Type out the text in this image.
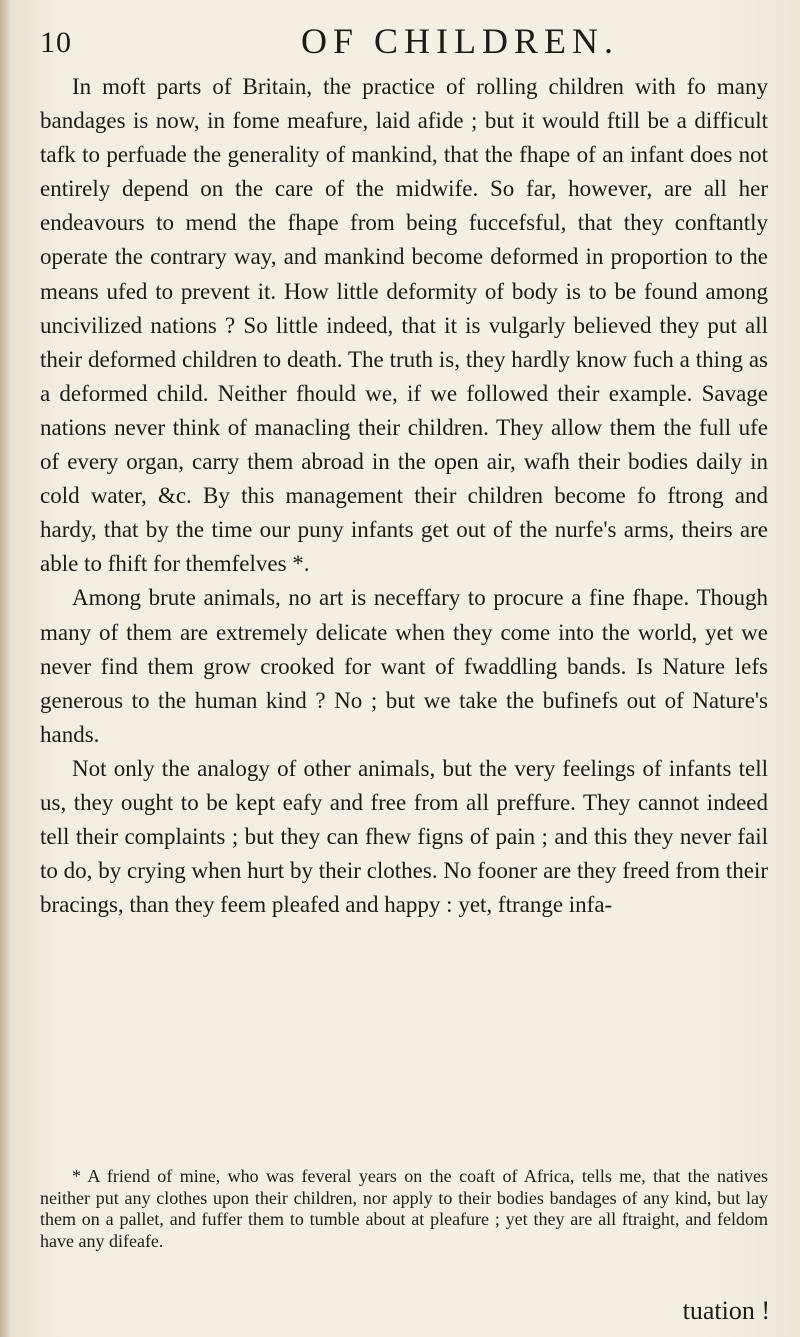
10	OF CHILDREN.

In moft parts of Britain, the practice of rolling children with fo many bandages is now, in fome meafure, laid afide ; but it would ftill be a difficult tafk to perfuade the generality of mankind, that the fhape of an infant does not entirely depend on the care of the midwife. So far, however, are all her endeavours to mend the fhape from being fuccefsful, that they conftantly operate the contrary way, and mankind become deformed in proportion to the means ufed to prevent it. How little deformity of body is to be found among uncivilized nations ? So little indeed, that it is vulgarly believed they put all their deformed children to death. The truth is, they hardly know fuch a thing as a deformed child. Neither fhould we, if we followed their example. Savage nations never think of manacling their children. They allow them the full ufe of every organ, carry them abroad in the open air, wafh their bodies daily in cold water, &c. By this management their children become fo ftrong and hardy, that by the time our puny infants get out of the nurfe's arms, theirs are able to fhift for themfelves *.

Among brute animals, no art is neceffary to procure a fine fhape. Though many of them are extremely delicate when they come into the world, yet we never find them grow crooked for want of fwaddling bands. Is Nature lefs generous to the human kind ? No ; but we take the bufinefs out of Nature's hands.

Not only the analogy of other animals, but the very feelings of infants tell us, they ought to be kept eafy and free from all preffure. They cannot indeed tell their complaints ; but they can fhew figns of pain ; and this they never fail to do, by crying when hurt by their clothes. No fooner are they freed from their bracings, than they feem pleafed and happy : yet, ftrange infa-

* A friend of mine, who was feveral years on the coaft of Africa, tells me, that the natives neither put any clothes upon their children, nor apply to their bodies bandages of any kind, but lay them on a pallet, and fuffer them to tumble about at pleafure ; yet they are all ftraight, and feldom have any difeafe.
tuation !
